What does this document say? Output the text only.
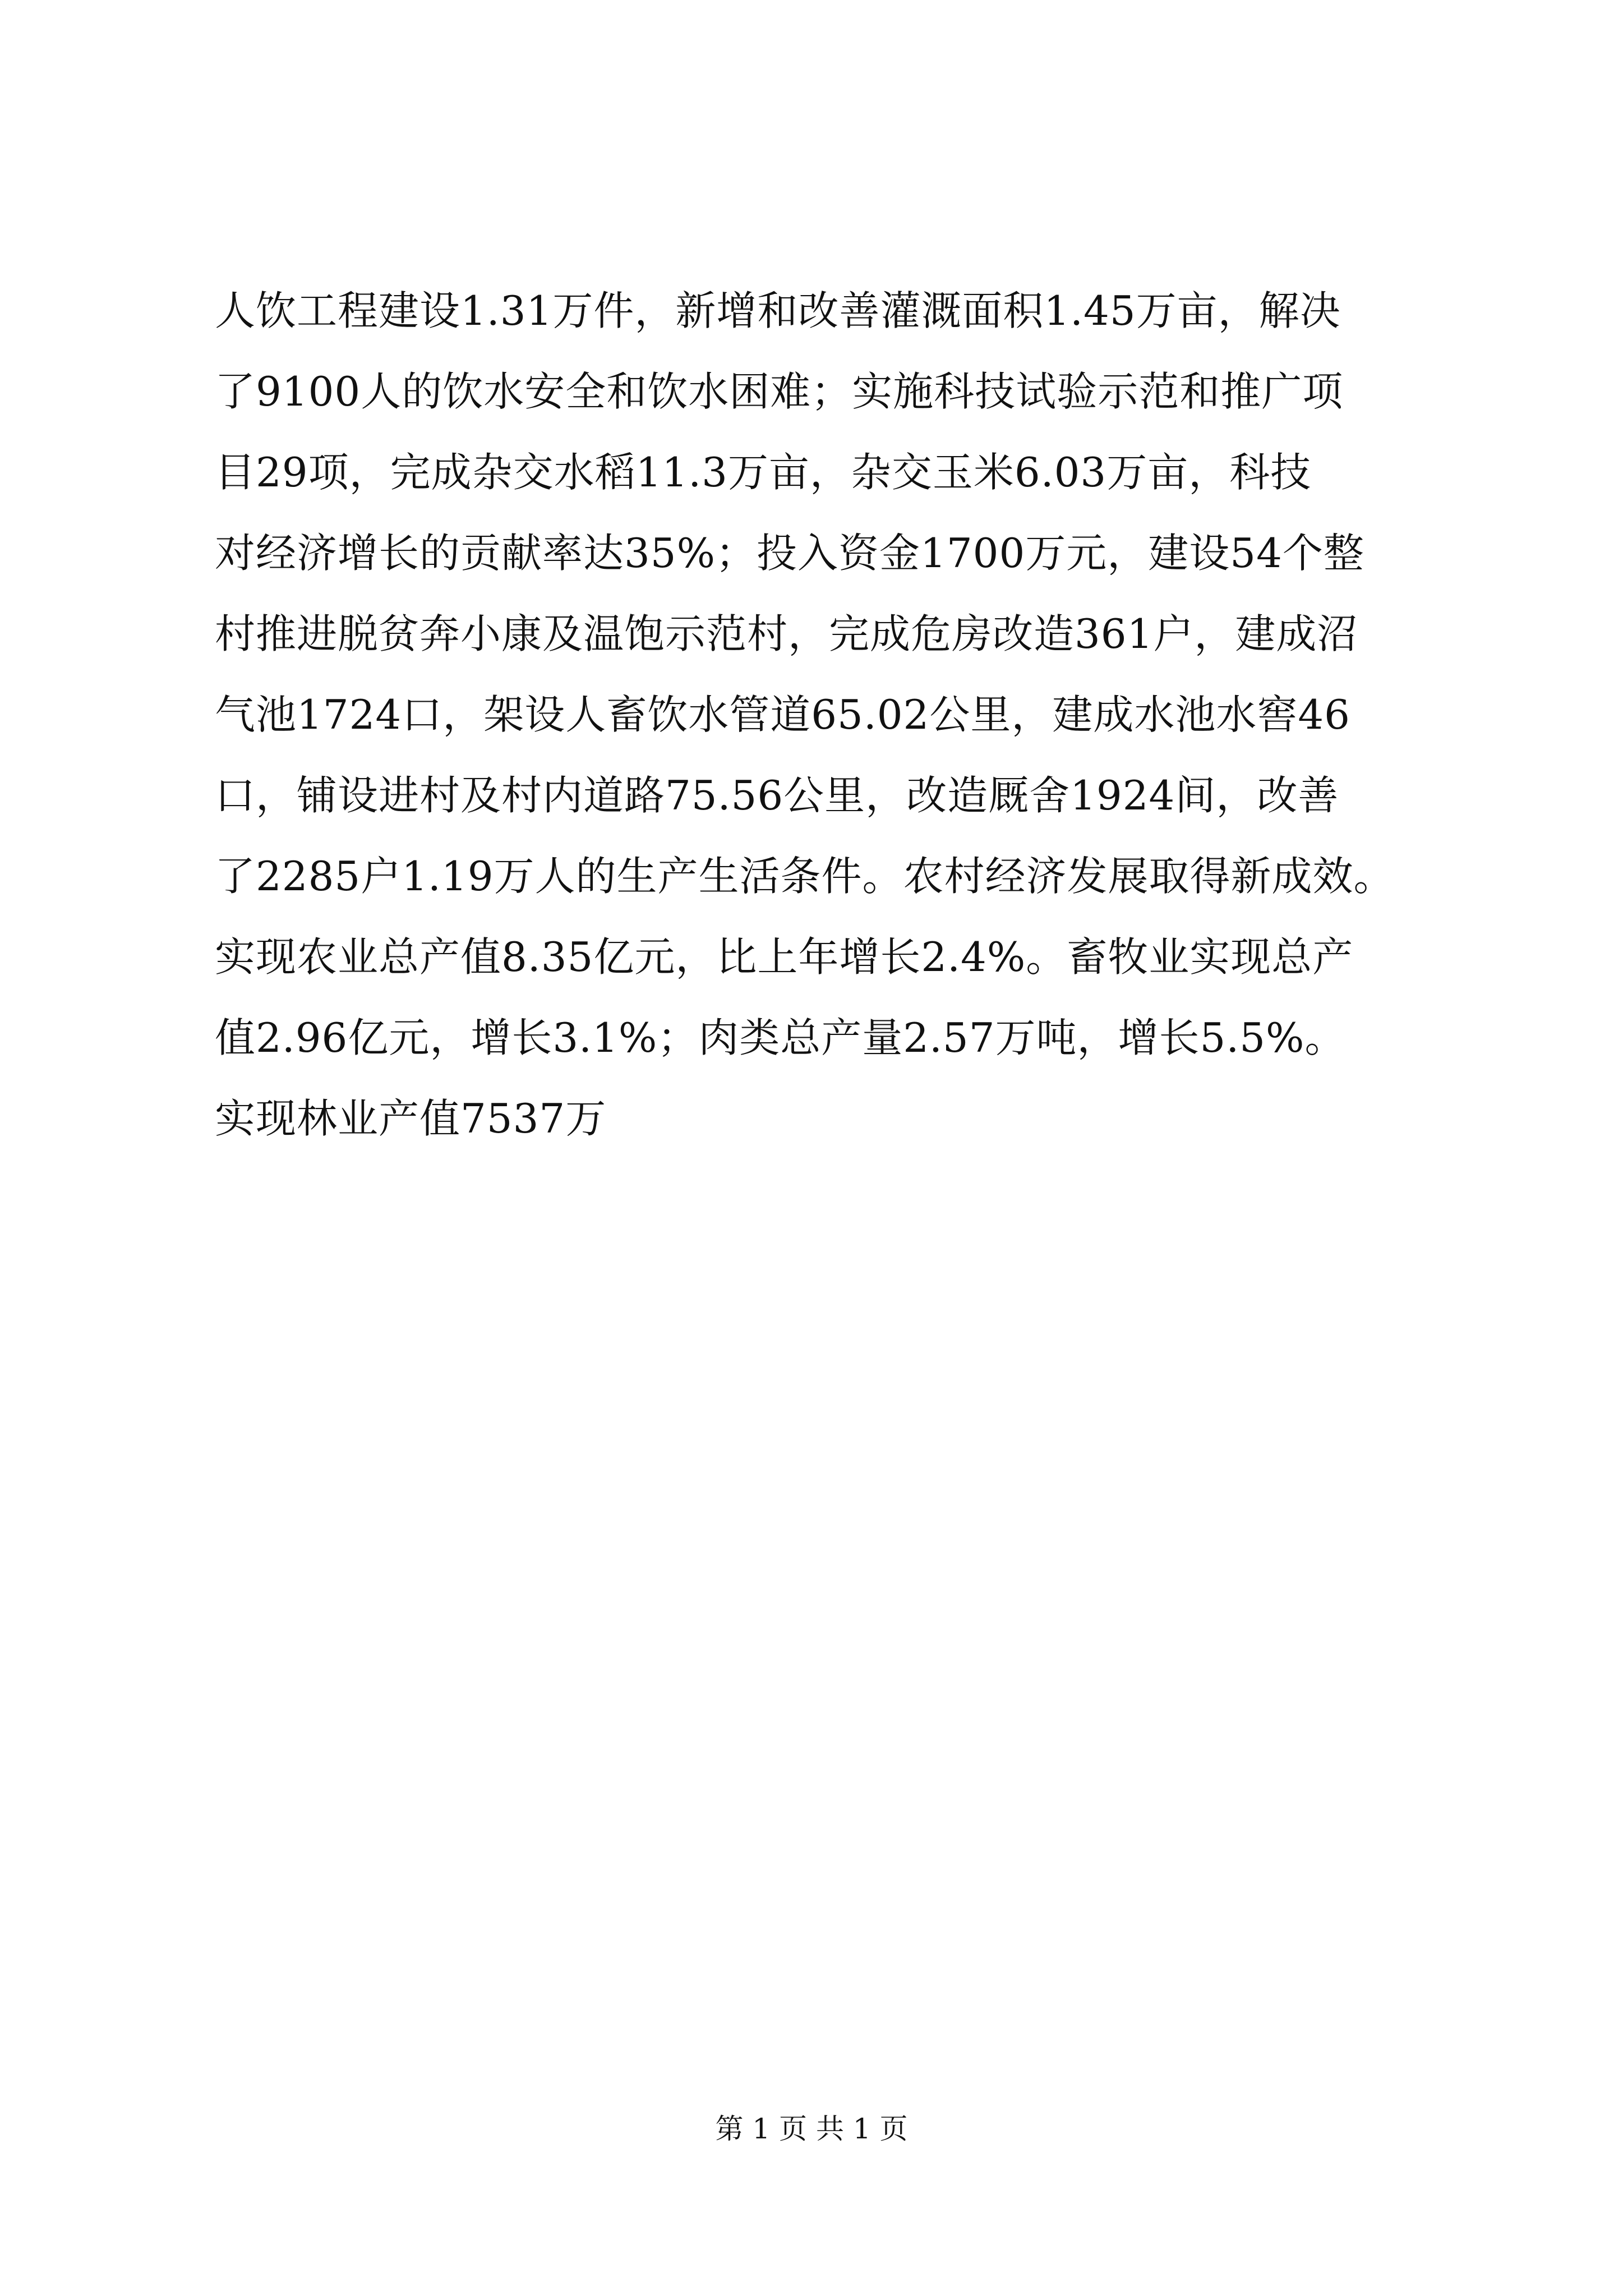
人饮工程建设1.31万件，新增和改善灌溉面积1.45万亩，解决
了9100人的饮水安全和饮水困难；实施科技试验示范和推广项
目29项，完成杂交水稻11.3万亩，杂交玉米6.03万亩，科技
对经济增长的贡献率达35%；投入资金1700万元，建设54个整
村推进脱贫奔小康及温饱示范村，完成危房改造361户，建成沼
气池1724口，架设人畜饮水管道65.02公里，建成水池水窖46
口，铺设进村及村内道路75.56公里，改造厩舍1924间，改善
了2285户1.19万人的生产生活条件。农村经济发展取得新成效。
实现农业总产值8.35亿元，比上年增长2.4%。畜牧业实现总产
值2.96亿元，增长3.1%；肉类总产量2.57万吨，增长5.5%。
实现林业产值7537万
第 1 页 共 1 页
